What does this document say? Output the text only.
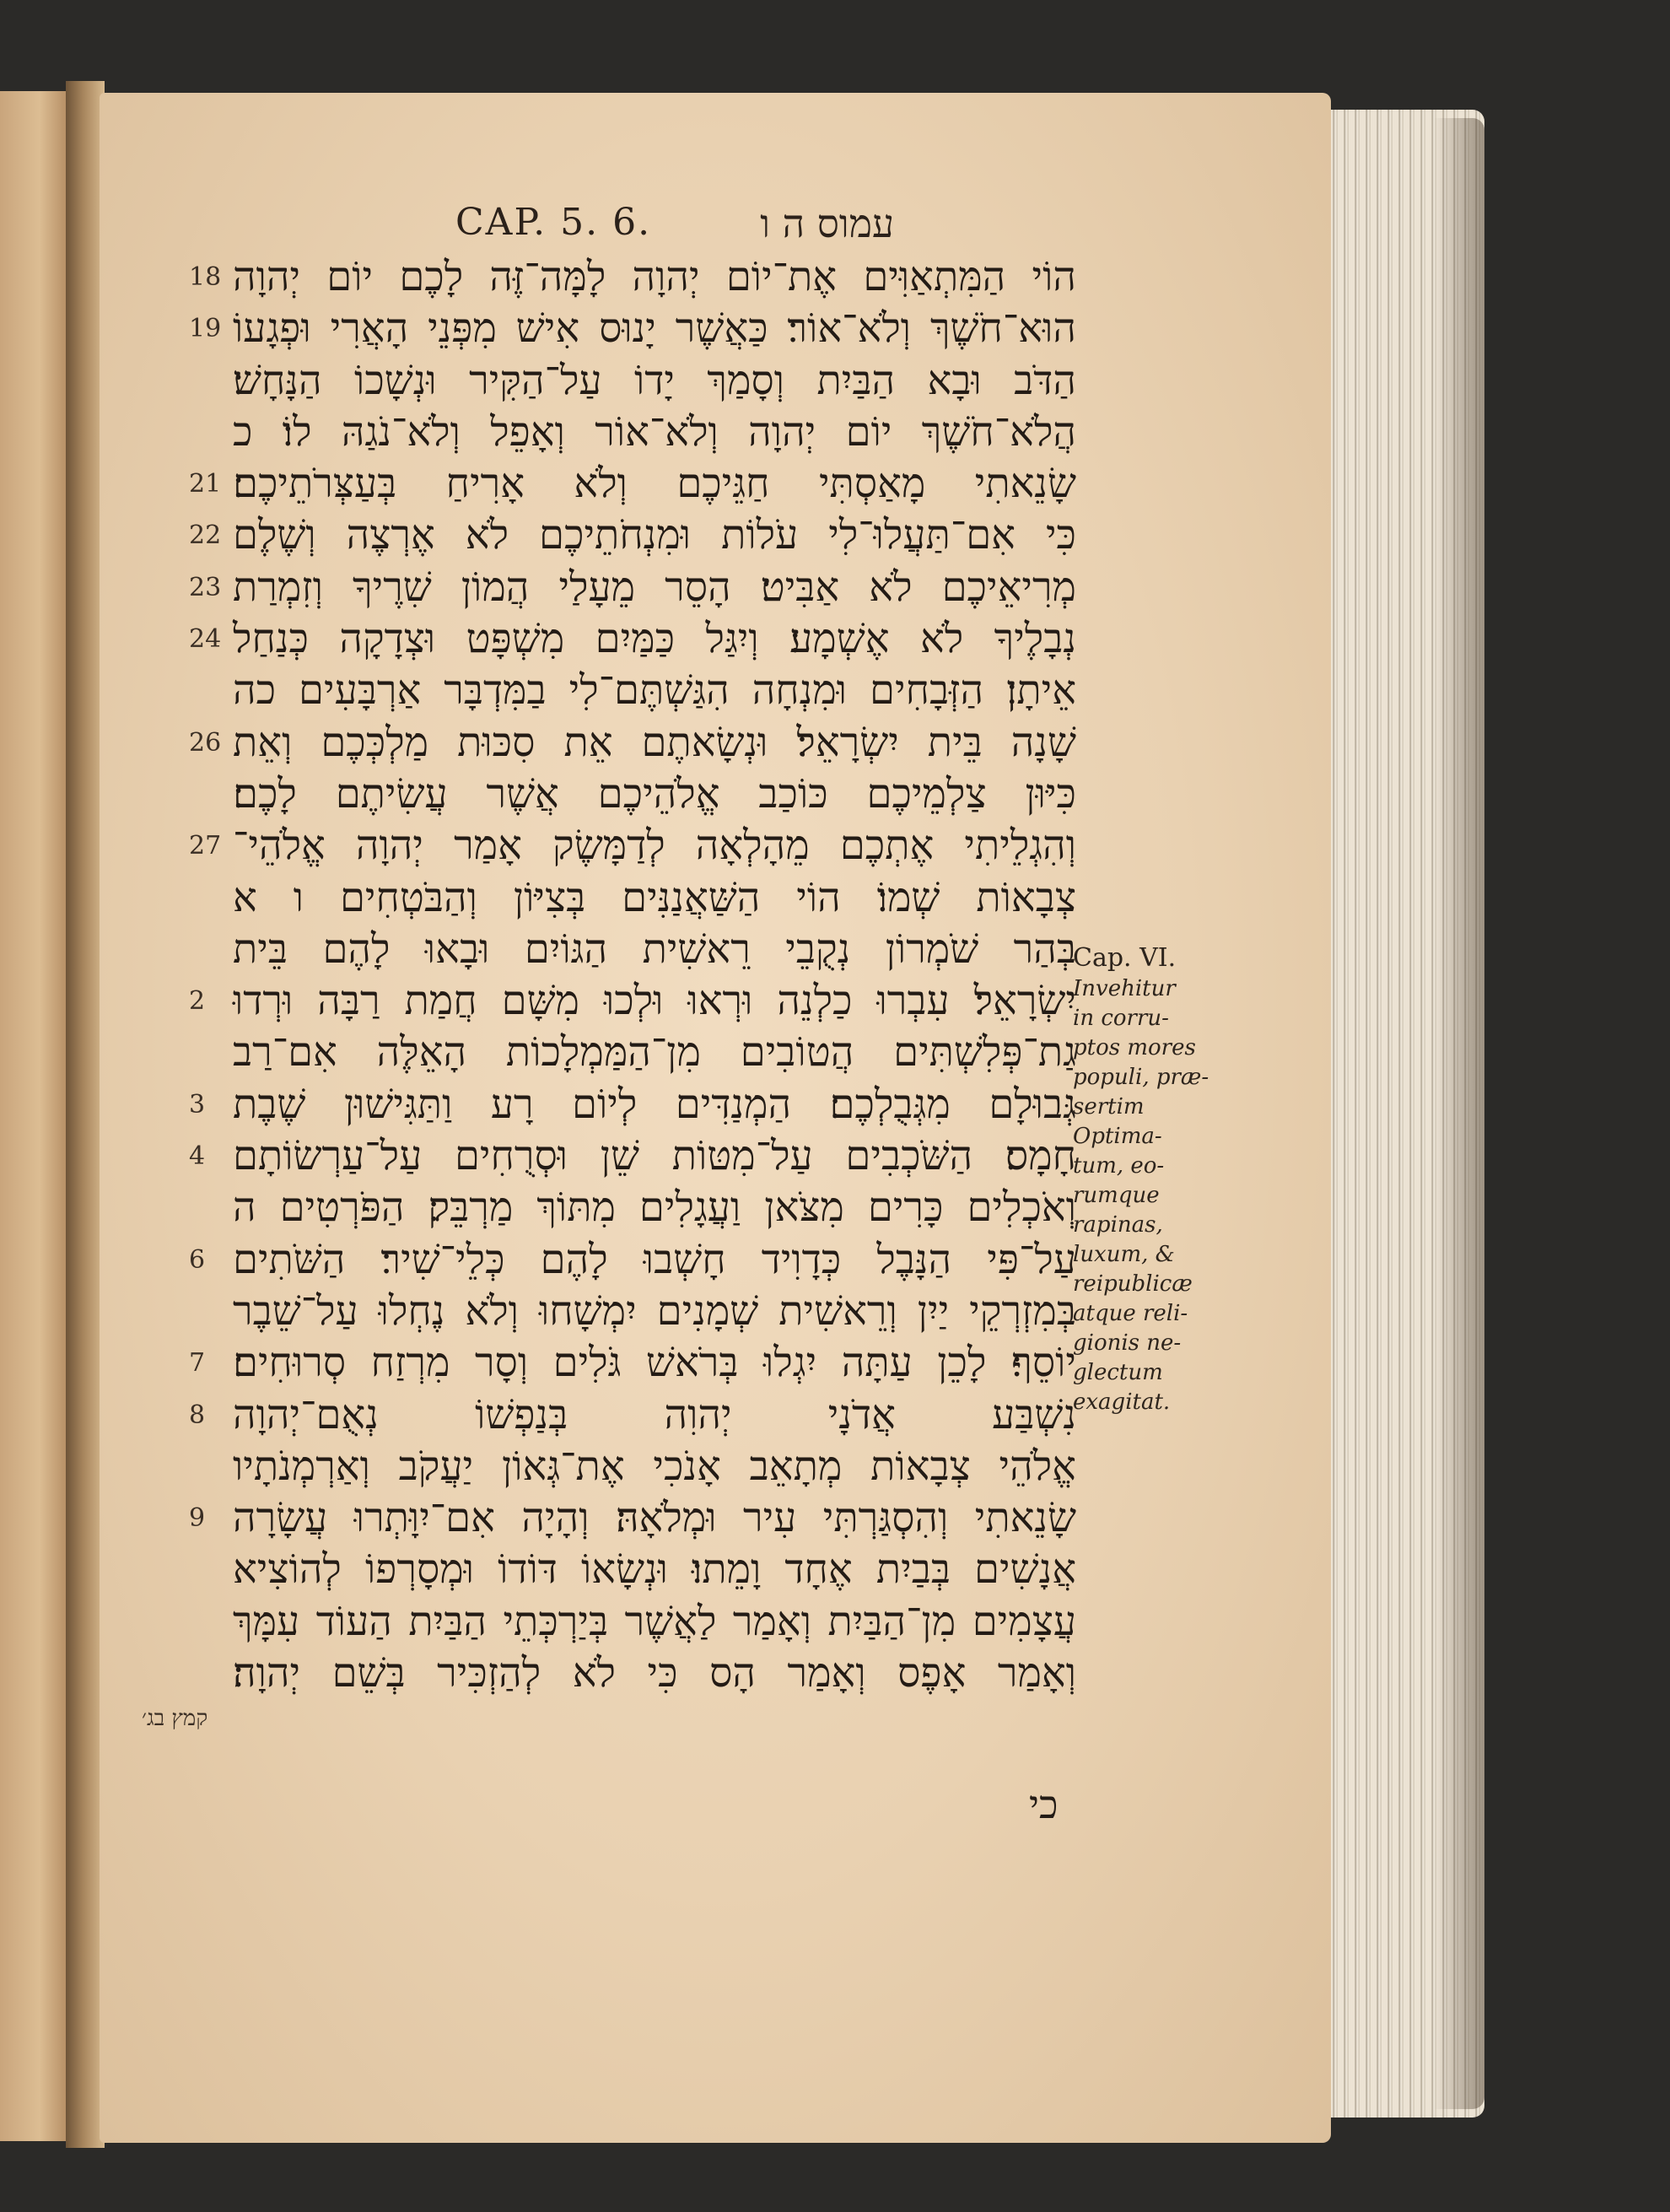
CAP. 5. 6.	עמוס ה ו
הוֹי הַמִּתְאַוִּים אֶת־יוֹם יְהוָה לָמָּה־זֶּה לָכֶם יוֹם יְהוָה
18
הוּא־חֹשֶׁךְ וְלֹא־אוֹר׃ כַּאֲשֶׁר יָנוּס אִישׁ מִפְּנֵי הָאֲרִי וּפְגָעוֹ
19
הַדֹּב וּבָא הַבַּיִת וְסָמַךְ יָדוֹ עַל־הַקִּיר וּנְשָׁכוֹ הַנָּחָשׁ׃
הֲלֹא־חֹשֶׁךְ יוֹם יְהוָה וְלֹא־אוֹר וְאָפֵל וְלֹא־נֹגַהּ לוֹ׃ כ
שָׂנֵאתִי מָאַסְתִּי חַגֵּיכֶם וְלֹא אָרִיחַ בְּעַצְּרֹתֵיכֶם׃
21
כִּי אִם־תַּעֲלוּ־לִי עֹלוֹת וּמִנְחֹתֵיכֶם לֹא אֶרְצֶה וְשֶׁלֶם
22
מְרִיאֵיכֶם לֹא אַבִּיט׃ הָסֵר מֵעָלַי הֲמוֹן שִׁרֶיךָ וְזִמְרַת
23
נְבָלֶיךָ לֹא אֶשְׁמָע׃ וְיִגַּל כַּמַּיִם מִשְׁפָּט וּצְדָקָה כְּנַחַל
24
אֵיתָן׃ הַזְּבָחִים וּמִנְחָה הִגַּשְׁתֶּם־לִי בַמִּדְבָּר אַרְבָּעִים כה
שָׁנָה בֵּית יִשְׂרָאֵל׃ וּנְשָׂאתֶם אֵת סִכּוּת מַלְכְּכֶם וְאֵת
26
כִּיּוּן צַלְמֵיכֶם כּוֹכַב אֱלֹהֵיכֶם אֲשֶׁר עֲשִׂיתֶם לָכֶם׃
וְהִגְלֵיתִי אֶתְכֶם מֵהָלְאָה לְדַמָּשֶׂק אָמַר יְהוָה אֱלֹהֵי־
27
צְבָאוֹת שְׁמוֹ׃ הוֹי הַשַּׁאֲנַנִּים בְּצִיּוֹן וְהַבֹּטְחִים ו א
בְּהַר שֹׁמְרוֹן נְקֻבֵי רֵאשִׁית הַגּוֹיִם וּבָאוּ לָהֶם בֵּית
יִשְׂרָאֵל׃ עִבְרוּ כַלְנֵה וּרְאוּ וּלְכוּ מִשָּׁם חֲמַת רַבָּה וּרְדוּ
2
גַת־פְּלִשְׁתִּים הֲטוֹבִים מִן־הַמַּמְלָכוֹת הָאֵלֶּה אִם־רַב
גְּבוּלָם מִגְּבֻלְכֶם׃ הַמְנַדִּים לְיוֹם רָע וַתַּגִּישׁוּן שֶׁבֶת
3
חָמָס׃ הַשֹּׁכְבִים עַל־מִטּוֹת שֵׁן וּסְרֻחִים עַל־עַרְשׂוֹתָם
4
וְאֹכְלִים כָּרִים מִצֹּאן וַעֲגָלִים מִתּוֹךְ מַרְבֵּק׃ הַפֹּרְטִים ה
עַל־פִּי הַנָּבֶל כְּדָוִיד חָשְׁבוּ לָהֶם כְּלֵי־שִׁיר׃ הַשֹּׁתִים
6
בְּמִזְרְקֵי יַיִן וְרֵאשִׁית שְׁמָנִים יִמְשָׁחוּ וְלֹא נֶחְלוּ עַל־שֵׁבֶר
יוֹסֵף׃ לָכֵן עַתָּה יִגְלוּ בְּרֹאשׁ גֹּלִים וְסָר מִרְזַח סְרוּחִים׃
7
נִשְׁבַּע אֲדֹנָי יְהוִה בְּנַפְשׁוֹ נְאֻם־יְהוָה
8
אֱלֹהֵי צְבָאוֹת מְתָאֵב אָנֹכִי אֶת־גְּאוֹן יַעֲקֹב וְאַרְמְנֹתָיו
שָׂנֵאתִי וְהִסְגַּרְתִּי עִיר וּמְלֹאָהּ׃ וְהָיָה אִם־יִוָּתְרוּ עֲשָׂרָה
9
אֲנָשִׁים בְּבַיִת אֶחָד וָמֵתוּ׃ וּנְשָׂאוֹ דּוֹדוֹ וּמְסָרְפוֹ לְהוֹצִיא
עֲצָמִים מִן־הַבַּיִת וְאָמַר לַאֲשֶׁר בְּיַרְכְּתֵי הַבַּיִת הַעוֹד עִמָּךְ
וְאָמַר אָפֶס וְאָמַר הָס כִּי לֹא לְהַזְכִּיר בְּשֵׁם יְהוָה׃
Cap. VI.
Invehitur
in corru-
ptos mores
populi, præ-
sertim
Optima-
tum, eo-
rumque
rapinas,
luxum, &
reipublicæ
atque reli-
gionis ne-
glectum
exagitat.
קמץ בג׳
כי
